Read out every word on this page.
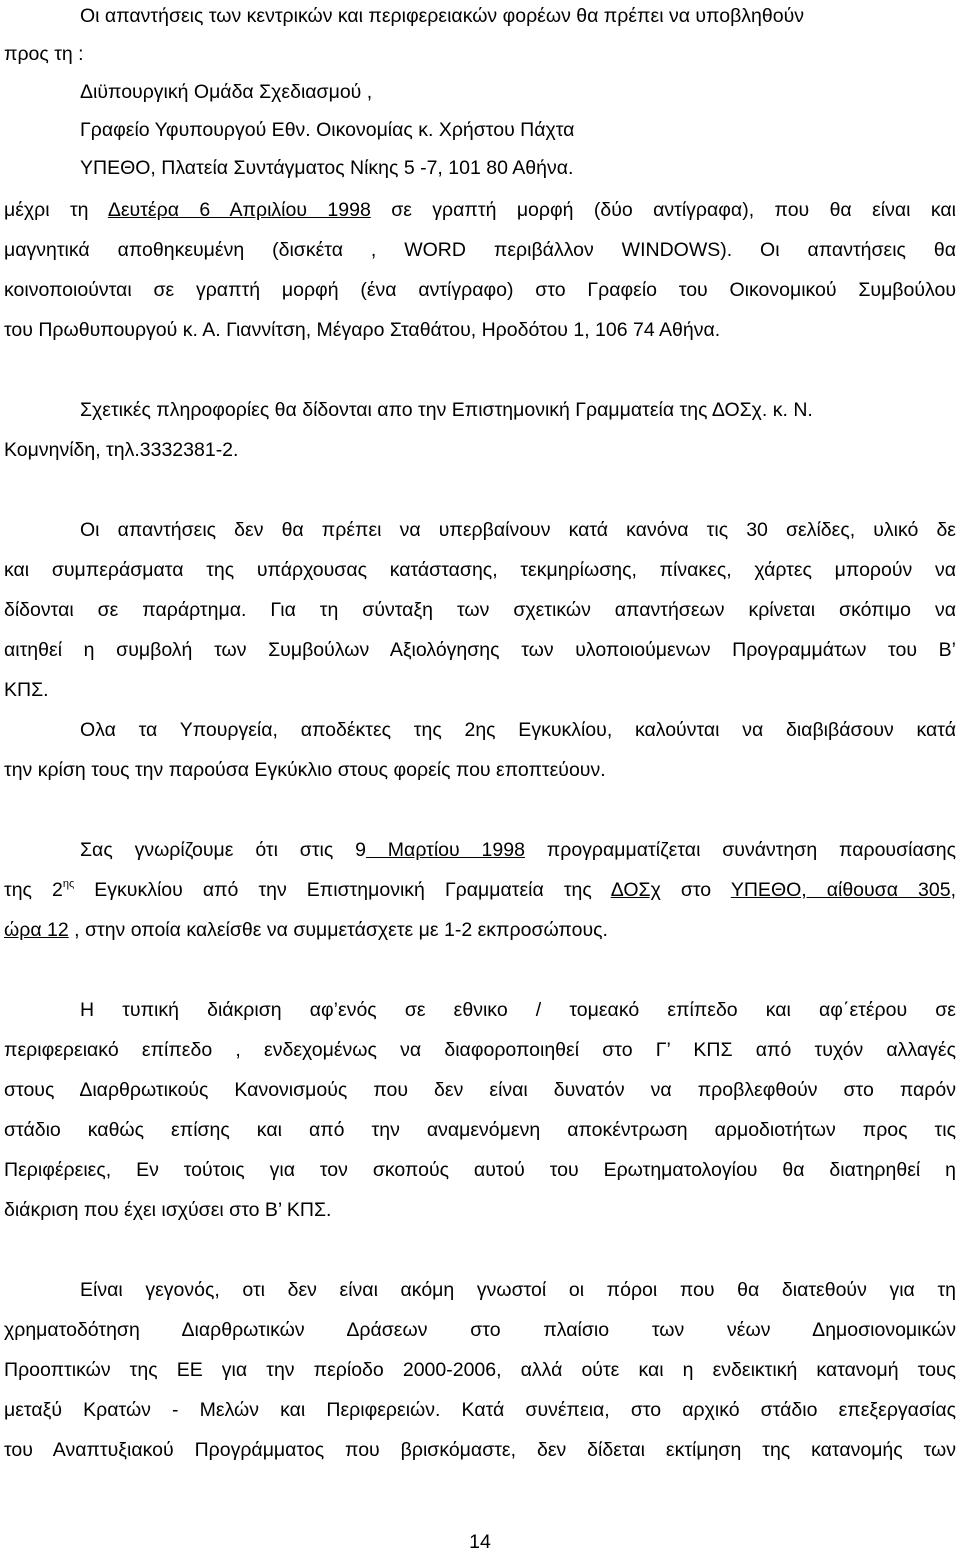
Οι απαντήσεις των κεντρικών και περιφερειακών φορέων θα πρέπει να υποβληθούν
προς τη :
Διϋπουργική Ομάδα Σχεδιασμού ,
Γραφείο Υφυπουργού Εθν. Οικονομίας κ. Χρήστου Πάχτα
ΥΠΕΘΟ, Πλατεία Συντάγματος Νίκης 5 -7, 101 80 Αθήνα.
μέχρι τη Δευτέρα 6 Απριλίου 1998 σε γραπτή μορφή (δύο αντίγραφα), που θα είναι και
μαγνητικά αποθηκευμένη (δισκέτα , WORD περιβάλλον WINDOWS). Οι απαντήσεις θα
κοινοποιούνται σε γραπτή μορφή (ένα αντίγραφο) στο Γραφείο του Οικονομικού Συμβούλου
του Πρωθυπουργού κ. Α. Γιαννίτση, Μέγαρο Σταθάτου, Ηροδότου 1, 106 74 Αθήνα.
Σχετικές πληροφορίες θα δίδονται απο την Επιστημονική Γραμματεία της ΔΟΣχ. κ. Ν.
Κομνηνίδη, τηλ.3332381-2.
Οι απαντήσεις δεν θα πρέπει να υπερβαίνουν κατά κανόνα τις 30 σελίδες, υλικό δε
και συμπεράσματα της υπάρχουσας κατάστασης, τεκμηρίωσης, πίνακες, χάρτες μπορούν να
δίδονται σε παράρτημα. Για τη σύνταξη των σχετικών απαντήσεων κρίνεται σκόπιμο να
αιτηθεί η συμβολή των Συμβούλων Αξιολόγησης των υλοποιούμενων Προγραμμάτων του Β’
ΚΠΣ.
Ολα τα Υπουργεία, αποδέκτες της 2ης Εγκυκλίου, καλούνται να διαβιβάσουν κατά
την κρίση τους την παρούσα Εγκύκλιο στους φορείς που εποπτεύουν.
Σας γνωρίζουμε ότι στις 9 Μαρτίου 1998 προγραμματίζεται συνάντηση παρουσίασης
της $2^{\eta\varsigma}$ Εγκυκλίου από την Επιστημονική Γραμματεία της ΔΟΣχ στο ΥΠΕΘΟ, αίθουσα 305,
ώρα 12 , στην οποία καλείσθε να συμμετάσχετε με 1-2 εκπροσώπους.
Η τυπική διάκριση αφ’ενός σε εθνικο / τομεακό επίπεδο και αφ΄ετέρου σε
περιφερειακό επίπεδο , ενδεχομένως να διαφοροποιηθεί στο Γ’ ΚΠΣ από τυχόν αλλαγές
στους Διαρθρωτικούς Κανονισμούς που δεν είναι δυνατόν να προβλεφθούν στο παρόν
στάδιο καθώς επίσης και από την αναμενόμενη αποκέντρωση αρμοδιοτήτων προς τις
Περιφέρειες, Εν τούτοις για τον σκοπούς αυτού του Ερωτηματολογίου θα διατηρηθεί η
διάκριση που έχει ισχύσει στο Β’ ΚΠΣ.
Είναι γεγονός, οτι δεν είναι ακόμη γνωστοί οι πόροι που θα διατεθούν για τη
χρηματοδότηση Διαρθρωτικών Δράσεων στο πλαίσιο των νέων Δημοσιονομικών
Προοπτικών της ΕΕ για την περίοδο 2000-2006, αλλά ούτε και η ενδεικτική κατανομή τους
μεταξύ Κρατών - Μελών και Περιφερειών. Κατά συνέπεια, στο αρχικό στάδιο επεξεργασίας
του Αναπτυξιακού Προγράμματος που βρισκόμαστε, δεν δίδεται εκτίμηση της κατανομής των
14
